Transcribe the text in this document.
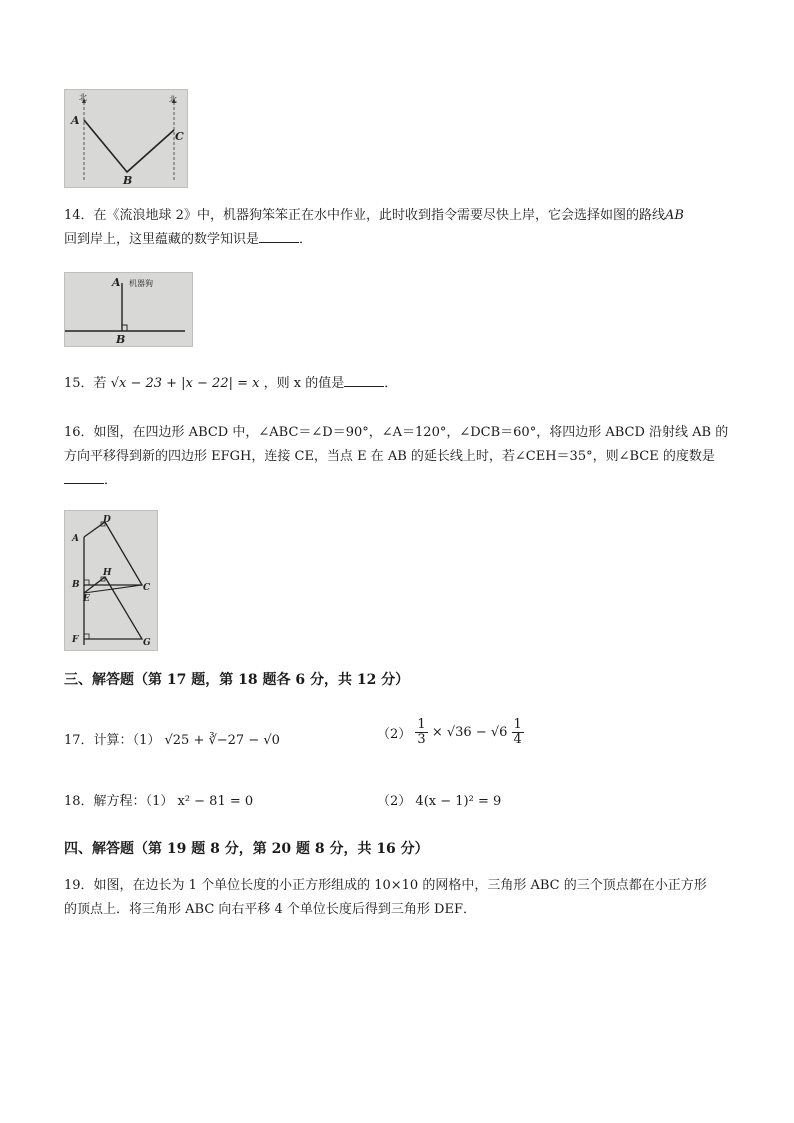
北	北
A
B
C
14．在《流浪地球 2》中，机器狗笨笨正在水中作业，此时收到指令需要尽快上岸，它会选择如图的路线AB
回到岸上，这里蕴藏的数学知识是	．
A 机器狗
B
15．若 √x − 23 + |x − 22| = x ，则 x 的值是	．
16．如图，在四边形 ABCD 中，∠ABC＝∠D＝90°，∠A＝120°，∠DCB＝60°，将四边形 ABCD 沿射线 AB 的
方向平移得到新的四边形 EFGH，连接 CE，当点 E 在 AB 的延长线上时，若∠CEH＝35°，则∠BCE 的度数是
．
A
D
B
H
C
E
F	G
三、解答题（第 17 题，第 18 题各 6 分，共 12 分）
17．计算：（1） √25 + ∛−27 − √0	$(2) \frac{1}{3} \times √36 - √6 \frac{1}{4}$
18．解方程：（1） x² − 81 = 0	（2） 4(x − 1)² = 9
四、解答题（第 19 题 8 分，第 20 题 8 分，共 16 分）
19．如图，在边长为 1 个单位长度的小正方形组成的 10×10 的网格中，三角形 ABC 的三个顶点都在小正方形
的顶点上．将三角形 ABC 向右平移 4 个单位长度后得到三角形 DEF．
